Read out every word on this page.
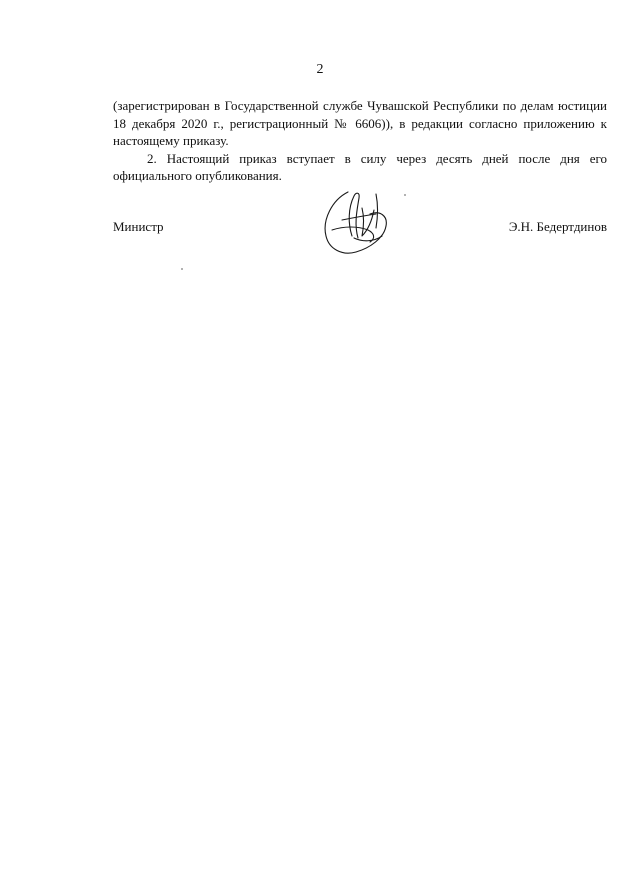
2

(зарегистрирован в Государственной службе Чувашской Республики по делам юстиции 18 декабря 2020 г., регистрационный № 6606)), в редакции согласно приложению к настоящему приказу.

2. Настоящий приказ вступает в силу через десять дней после дня его официального опубликования.

Министр	Э.Н. Бедертдинов
